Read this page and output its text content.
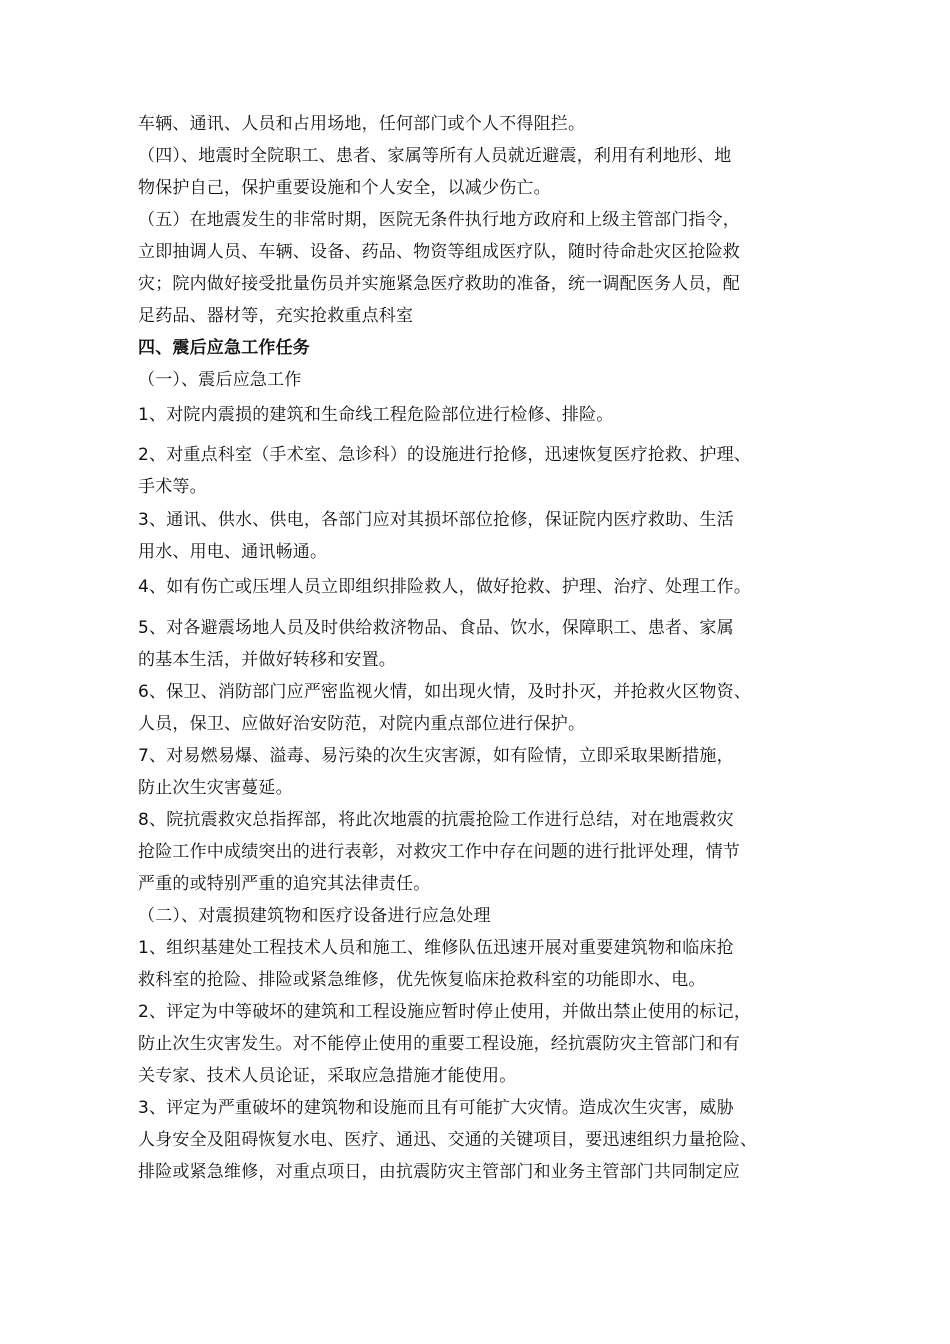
车辆、通讯、人员和占用场地，任何部门或个人不得阻拦。
（四）、地震时全院职工、患者、家属等所有人员就近避震，利用有利地形、地
物保护自己，保护重要设施和个人安全，以减少伤亡。
（五）在地震发生的非常时期，医院无条件执行地方政府和上级主管部门指令，
立即抽调人员、车辆、设备、药品、物资等组成医疗队，随时待命赴灾区抢险救
灾；院内做好接受批量伤员并实施紧急医疗救助的准备，统一调配医务人员，配
足药品、器材等，充实抢救重点科室
四、震后应急工作任务
（一）、震后应急工作
1、对院内震损的建筑和生命线工程危险部位进行检修、排险。
2、对重点科室（手术室、急诊科）的设施进行抢修，迅速恢复医疗抢救、护理、
手术等。
3、通讯、供水、供电，各部门应对其损坏部位抢修，保证院内医疗救助、生活
用水、用电、通讯畅通。
4、如有伤亡或压埋人员立即组织排险救人，做好抢救、护理、治疗、处理工作。
5、对各避震场地人员及时供给救济物品、食品、饮水，保障职工、患者、家属
的基本生活，并做好转移和安置。
6、保卫、消防部门应严密监视火情，如出现火情，及时扑灭，并抢救火区物资、
人员，保卫、应做好治安防范，对院内重点部位进行保护。
7、对易燃易爆、溢毒、易污染的次生灾害源，如有险情，立即采取果断措施，
防止次生灾害蔓延。
8、院抗震救灾总指挥部，将此次地震的抗震抢险工作进行总结，对在地震救灾
抢险工作中成绩突出的进行表彰，对救灾工作中存在问题的进行批评处理，情节
严重的或特别严重的追究其法律责任。
（二）、对震损建筑物和医疗设备进行应急处理
1、组织基建处工程技术人员和施工、维修队伍迅速开展对重要建筑物和临床抢
救科室的抢险、排险或紧急维修，优先恢复临床抢救科室的功能即水、电。
2、评定为中等破坏的建筑和工程设施应暂时停止使用，并做出禁止使用的标记，
防止次生灾害发生。对不能停止使用的重要工程设施，经抗震防灾主管部门和有
关专家、技术人员论证，采取应急措施才能使用。
3、评定为严重破坏的建筑物和设施而且有可能扩大灾情。造成次生灾害，威胁
人身安全及阻碍恢复水电、医疗、通迅、交通的关键项目，要迅速组织力量抢险、
排险或紧急维修，对重点项日，由抗震防灾主管部门和业务主管部门共同制定应
